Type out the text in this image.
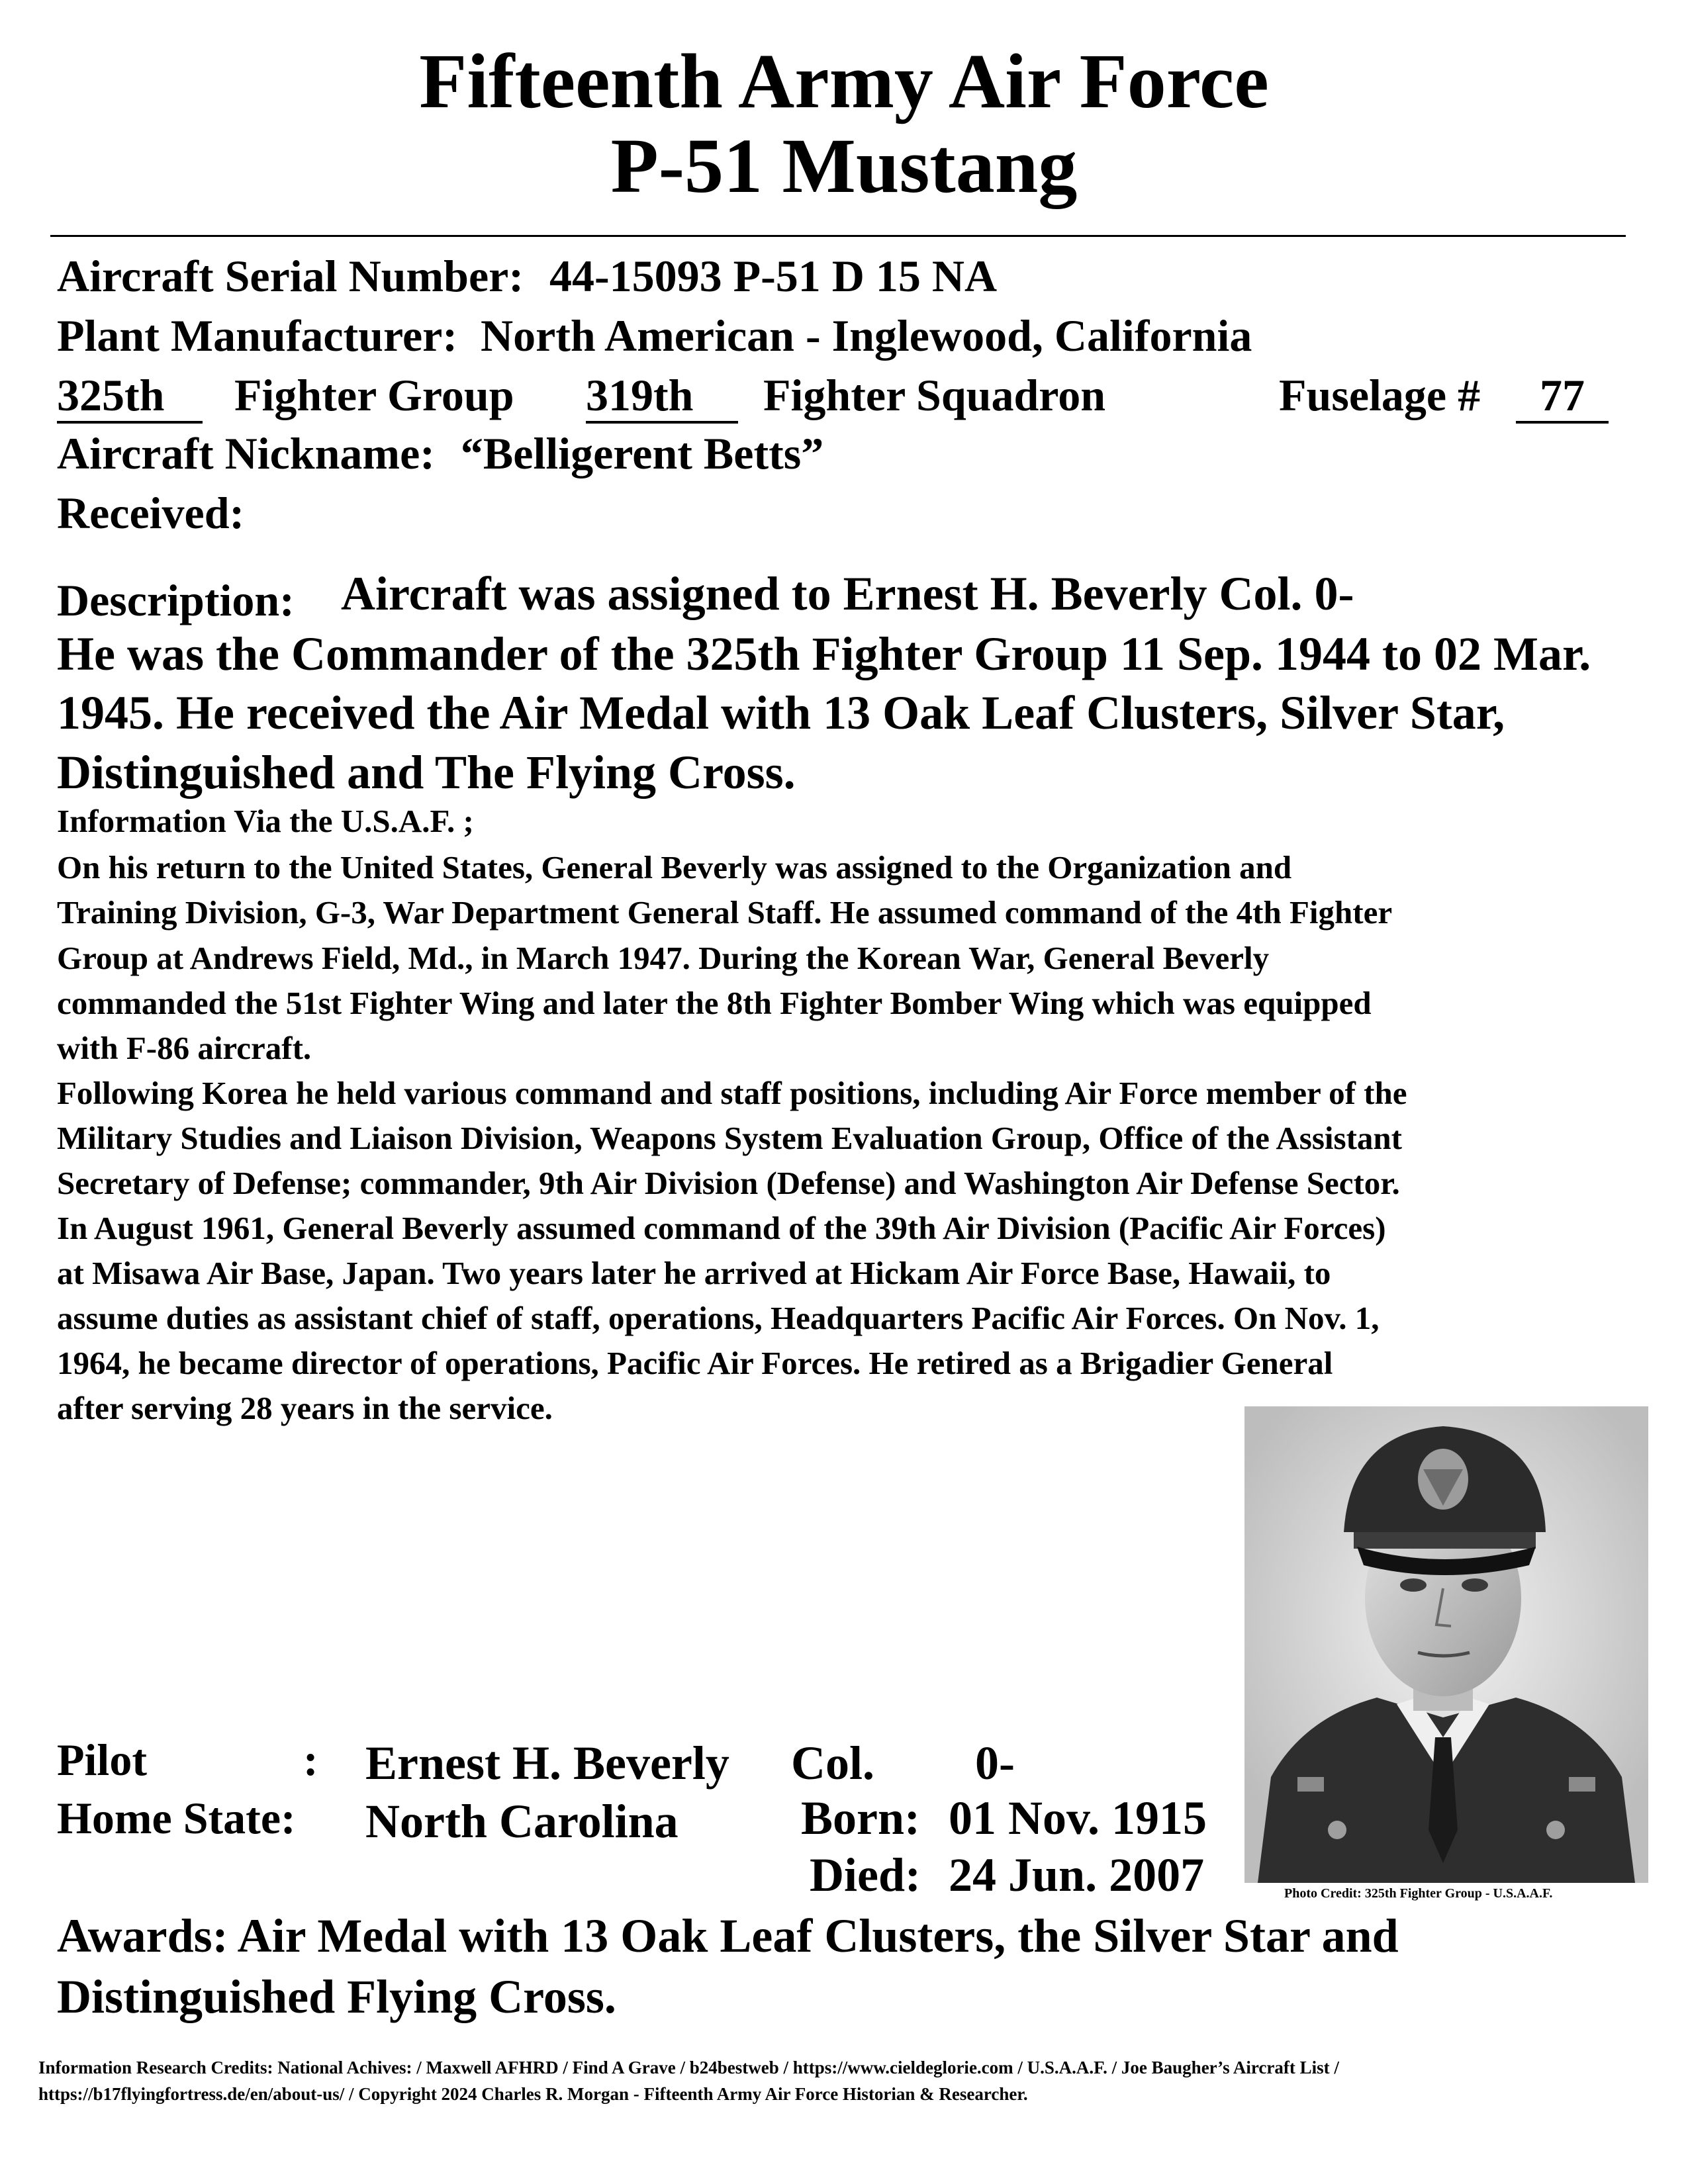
Fifteenth Army Air Force
P-51 Mustang
Aircraft Serial Number: 44-15093 P-51 D 15 NA
Plant Manufacturer: North American - Inglewood, California
325th	Fighter Group 319th	Fighter Squadron	Fuselage #	77
Aircraft Nickname: “Belligerent Betts”
Received:
Description: Aircraft was assigned to Ernest H. Beverly Col. 0-
He was the Commander of the 325th Fighter Group 11 Sep. 1944 to 02 Mar.
1945. He received the Air Medal with 13 Oak Leaf Clusters, Silver Star,
Distinguished and The Flying Cross.
Information Via the U.S.A.F. ;
On his return to the United States, General Beverly was assigned to the Organization and
Training Division, G-3, War Department General Staff. He assumed command of the 4th Fighter
Group at Andrews Field, Md., in March 1947. During the Korean War, General Beverly
commanded the 51st Fighter Wing and later the 8th Fighter Bomber Wing which was equipped
with F-86 aircraft.
Following Korea he held various command and staff positions, including Air Force member of the
Military Studies and Liaison Division, Weapons System Evaluation Group, Office of the Assistant
Secretary of Defense; commander, 9th Air Division (Defense) and Washington Air Defense Sector.
In August 1961, General Beverly assumed command of the 39th Air Division (Pacific Air Forces)
at Misawa Air Base, Japan. Two years later he arrived at Hickam Air Force Base, Hawaii, to
assume duties as assistant chief of staff, operations, Headquarters Pacific Air Forces. On Nov. 1,
1964, he became director of operations, Pacific Air Forces. He retired as a Brigadier General
after serving 28 years in the service.
Photo Credit: 325th Fighter Group - U.S.A.A.F.
Pilot	: Ernest H. Beverly Col. 0-
Home State: North Carolina	Born: 01 Nov. 1915
Died: 24 Jun. 2007
Awards: Air Medal with 13 Oak Leaf Clusters, the Silver Star and
Distinguished Flying Cross.
Information Research Credits: National Achives: / Maxwell AFHRD / Find A Grave / b24bestweb / https://www.cieldeglorie.com / U.S.A.A.F. / Joe Baugher’s Aircraft List /
https://b17flyingfortress.de/en/about-us/ / Copyright 2024 Charles R. Morgan - Fifteenth Army Air Force Historian & Researcher.
